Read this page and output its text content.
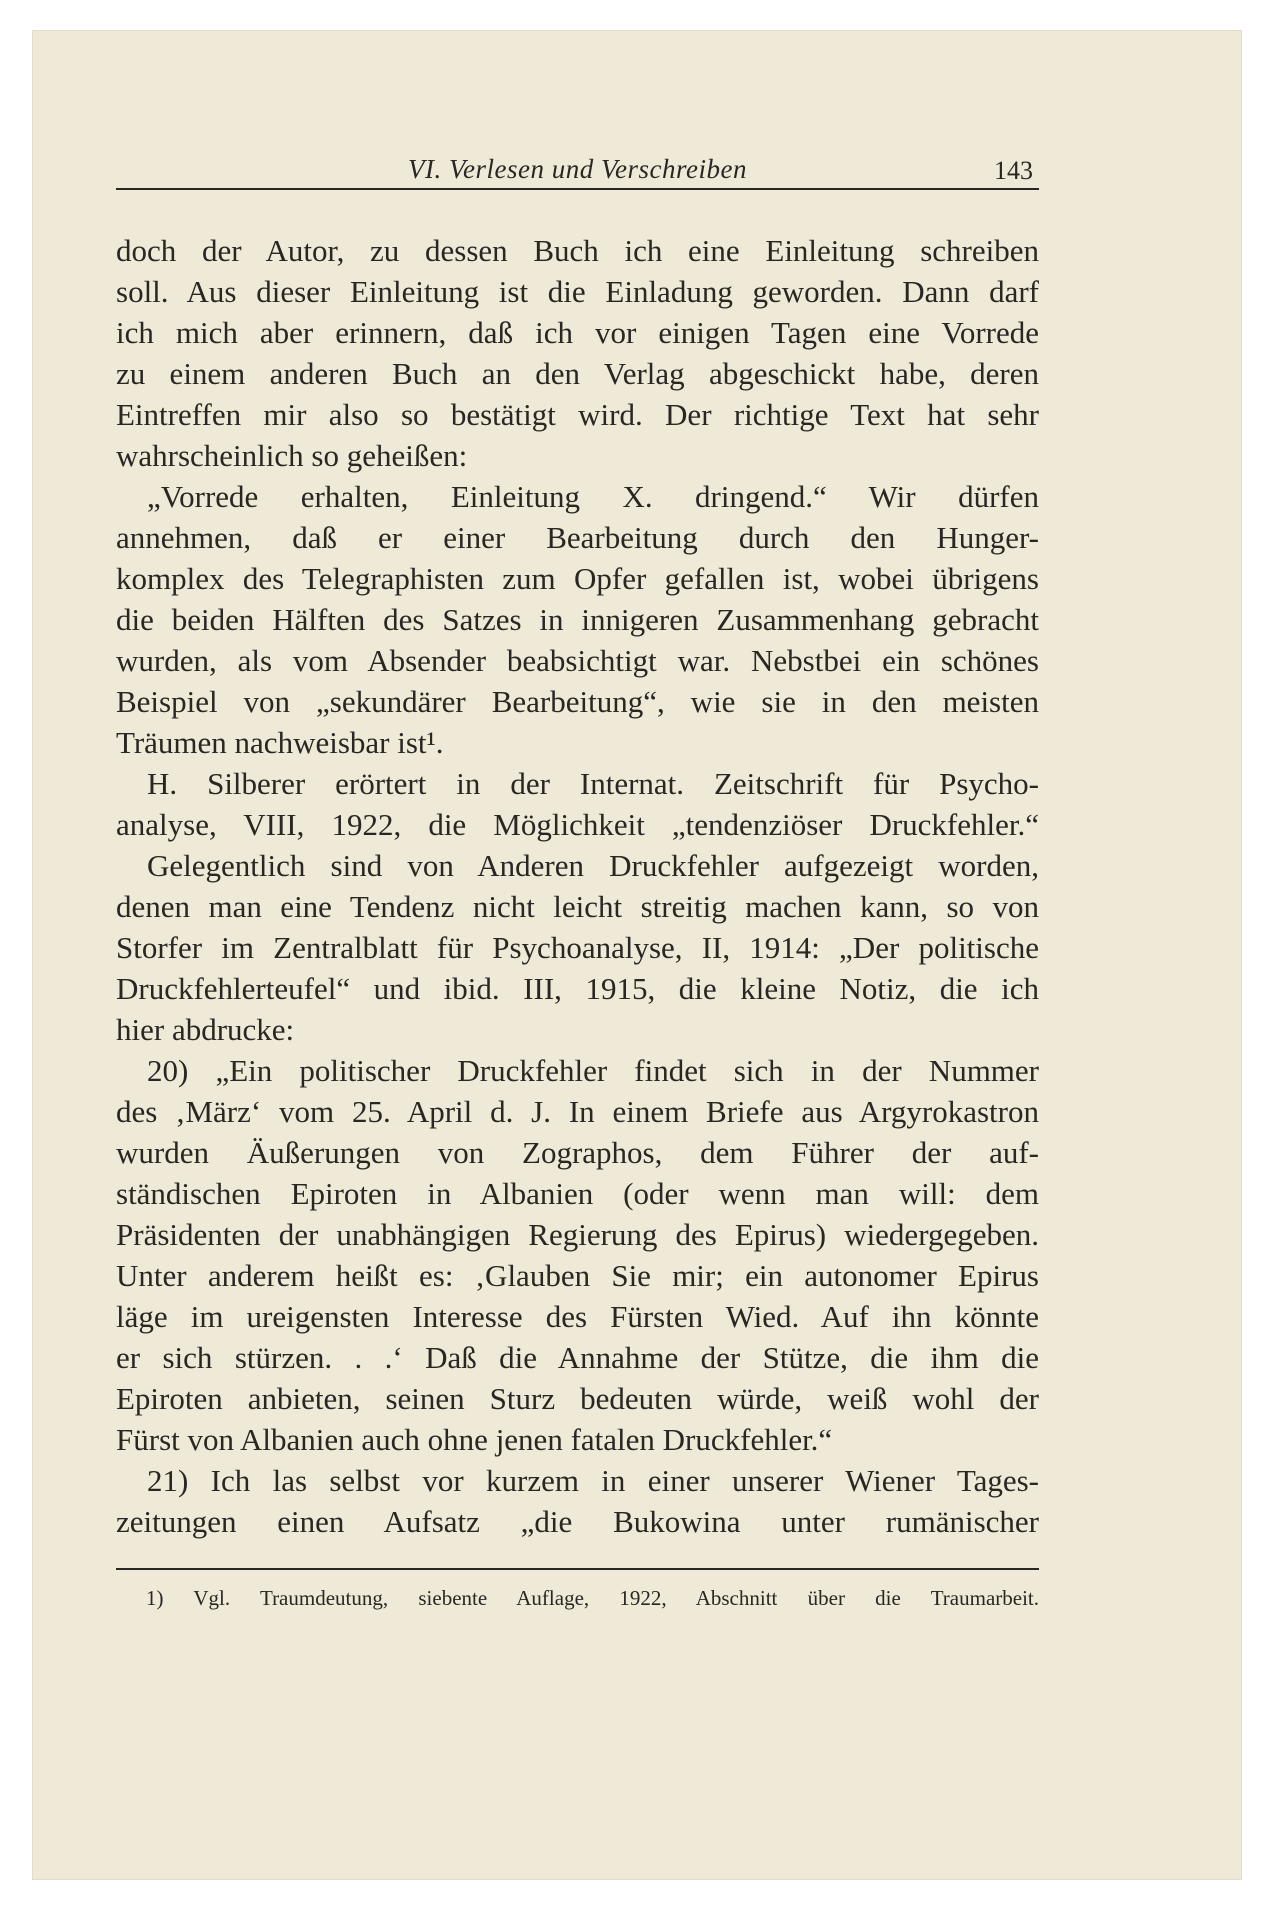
VI. Verlesen und Verschreiben	143
doch der Autor, zu dessen Buch ich eine Einleitung schreiben
soll. Aus dieser Einleitung ist die Einladung geworden. Dann darf
ich mich aber erinnern, daß ich vor einigen Tagen eine Vorrede
zu einem anderen Buch an den Verlag abgeschickt habe, deren
Eintreffen mir also so bestätigt wird. Der richtige Text hat sehr
wahrscheinlich so geheißen:
„Vorrede erhalten, Einleitung X. dringend.“ Wir dürfen
annehmen, daß er einer Bearbeitung durch den Hunger-
komplex des Telegraphisten zum Opfer gefallen ist, wobei übrigens
die beiden Hälften des Satzes in innigeren Zusammenhang gebracht
wurden, als vom Absender beabsichtigt war. Nebstbei ein schönes
Beispiel von „sekundärer Bearbeitung“, wie sie in den meisten
Träumen nachweisbar ist¹.
H. Silberer erörtert in der Internat. Zeitschrift für Psycho-
analyse, VIII, 1922, die Möglichkeit „tendenziöser Druckfehler.“
Gelegentlich sind von Anderen Druckfehler aufgezeigt worden,
denen man eine Tendenz nicht leicht streitig machen kann, so von
Storfer im Zentralblatt für Psychoanalyse, II, 1914: „Der politische
Druckfehlerteufel“ und ibid. III, 1915, die kleine Notiz, die ich
hier abdrucke:
20) „Ein politischer Druckfehler findet sich in der Nummer
des ‚März‘ vom 25. April d. J. In einem Briefe aus Argyrokastron
wurden Äußerungen von Zographos, dem Führer der auf-
ständischen Epiroten in Albanien (oder wenn man will: dem
Präsidenten der unabhängigen Regierung des Epirus) wiedergegeben.
Unter anderem heißt es: ‚Glauben Sie mir; ein autonomer Epirus
läge im ureigensten Interesse des Fürsten Wied. Auf ihn könnte
er sich stürzen. . .‘ Daß die Annahme der Stütze, die ihm die
Epiroten anbieten, seinen Sturz bedeuten würde, weiß wohl der
Fürst von Albanien auch ohne jenen fatalen Druckfehler.“
21) Ich las selbst vor kurzem in einer unserer Wiener Tages-
zeitungen einen Aufsatz „die Bukowina unter rumänischer
1) Vgl. Traumdeutung, siebente Auflage, 1922, Abschnitt über die Traumarbeit.
